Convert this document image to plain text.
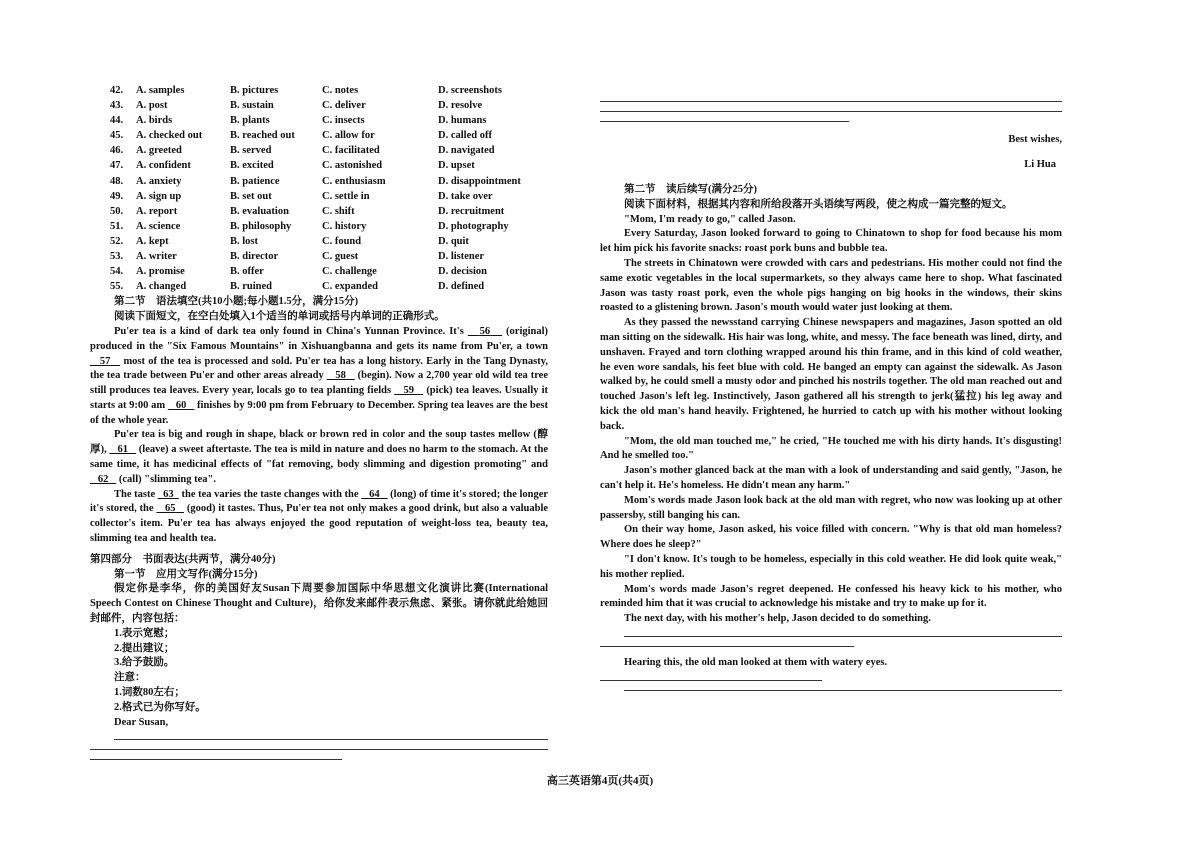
42.	A. samples	B. pictures	C. notes	D. screenshots
43.	A. post	B. sustain	C. deliver	D. resolve
44.	A. birds	B. plants	C. insects	D. humans
45.	A. checked out	B. reached out	C. allow for	D. called off
46.	A. greeted	B. served	C. facilitated	D. navigated
47.	A. confident	B. excited	C. astonished	D. upset
48.	A. anxiety	B. patience	C. enthusiasm	D. disappointment
49.	A. sign up	B. set out	C. settle in	D. take over
50.	A. report	B. evaluation	C. shift	D. recruitment
51.	A. science	B. philosophy	C. history	D. photography
52.	A. kept	B. lost	C. found	D. quit
53.	A. writer	B. director	C. guest	D. listener
54.	A. promise	B. offer	C. challenge	D. decision
55.	A. changed	B. ruined	C. expanded	D. defined

第二节　语法填空(共10小题;每小题1.5分，满分15分)

阅读下面短文，在空白处填入1个适当的单词或括号内单词的正确形式。

Pu'er tea is a kind of dark tea only found in China's Yunnan Province. It's 56 (original) produced in the "Six Famous Mountains" in Xishuangbanna and gets its name from Pu'er, a town    57 most of the tea is processed and sold. Pu'er tea has a long history. Early in the Tang Dynasty, the tea trade between Pu'er and other areas already 58 (begin). Now a 2,700 year old wild tea tree still produces tea leaves. Every year, locals go to tea planting fields 59 (pick) tea leaves. Usually it starts at 9:00 am 60 finishes by 9:00 pm from February to December. Spring tea leaves are the best of the whole year.

Pu'er tea is big and rough in shape, black or brown red in color and the soup tastes mellow (醇厚), 61 (leave) a sweet aftertaste. The tea is mild in nature and does no harm to the stomach. At the same time, it has medicinal effects of "fat removing, body slimming and digestion promoting" and    62 (call) "slimming tea".

The taste 63 the tea varies the taste changes with the 64 (long) of time it's stored; the longer it's stored, the 65 (good) it tastes. Thus, Pu'er tea not only makes a good drink, but also a valuable collector's item. Pu'er tea has always enjoyed the good reputation of weight-loss tea, beauty tea, slimming tea and health tea.

第四部分　书面表达(共两节，满分40分)

第一节　应用文写作(满分15分)

假定你是李华，你的美国好友Susan下周要参加国际中华思想文化演讲比赛(International Speech Contest on Chinese Thought and Culture)，给你发来邮件表示焦虑、紧张。请你就此给她回封邮件，内容包括：

1.表示宽慰；

2.提出建议；

3.给予鼓励。

注意：

1.词数80左右；

2.格式已为你写好。

Dear Susan,

Best wishes,

Li Hua

第二节　读后续写(满分25分)

阅读下面材料，根据其内容和所给段落开头语续写两段，使之构成一篇完整的短文。

"Mom, I'm ready to go," called Jason.

Every Saturday, Jason looked forward to going to Chinatown to shop for food because his mom let him pick his favorite snacks: roast pork buns and bubble tea.

The streets in Chinatown were crowded with cars and pedestrians. His mother could not find the same exotic vegetables in the local supermarkets, so they always came here to shop. What fascinated Jason was tasty roast pork, even the whole pigs hanging on big hooks in the windows, their skins roasted to a glistening brown. Jason's mouth would water just looking at them.

As they passed the newsstand carrying Chinese newspapers and magazines, Jason spotted an old man sitting on the sidewalk. His hair was long, white, and messy. The face beneath was lined, dirty, and unshaven. Frayed and torn clothing wrapped around his thin frame, and in this kind of cold weather, he even wore sandals, his feet blue with cold. He banged an empty can against the sidewalk. As Jason walked by, he could smell a musty odor and pinched his nostrils together. The old man reached out and touched Jason's left leg. Instinctively, Jason gathered all his strength to jerk(猛拉) his leg away and kick the old man's hand heavily. Frightened, he hurried to catch up with his mother without looking back.

"Mom, the old man touched me," he cried, "He touched me with his dirty hands. It's disgusting! And he smelled too."

Jason's mother glanced back at the man with a look of understanding and said gently, "Jason, he can't help it. He's homeless. He didn't mean any harm."

Mom's words made Jason look back at the old man with regret, who now was looking up at other passersby, still banging his can.

On their way home, Jason asked, his voice filled with concern. "Why is that old man homeless? Where does he sleep?"

"I don't know. It's tough to be homeless, especially in this cold weather. He did look quite weak," his mother replied.

Mom's words made Jason's regret deepened. He confessed his heavy kick to his mother, who reminded him that it was crucial to acknowledge his mistake and try to make up for it.

The next day, with his mother's help, Jason decided to do something.

Hearing this, the old man looked at them with watery eyes.

高三英语第4页(共4页)
